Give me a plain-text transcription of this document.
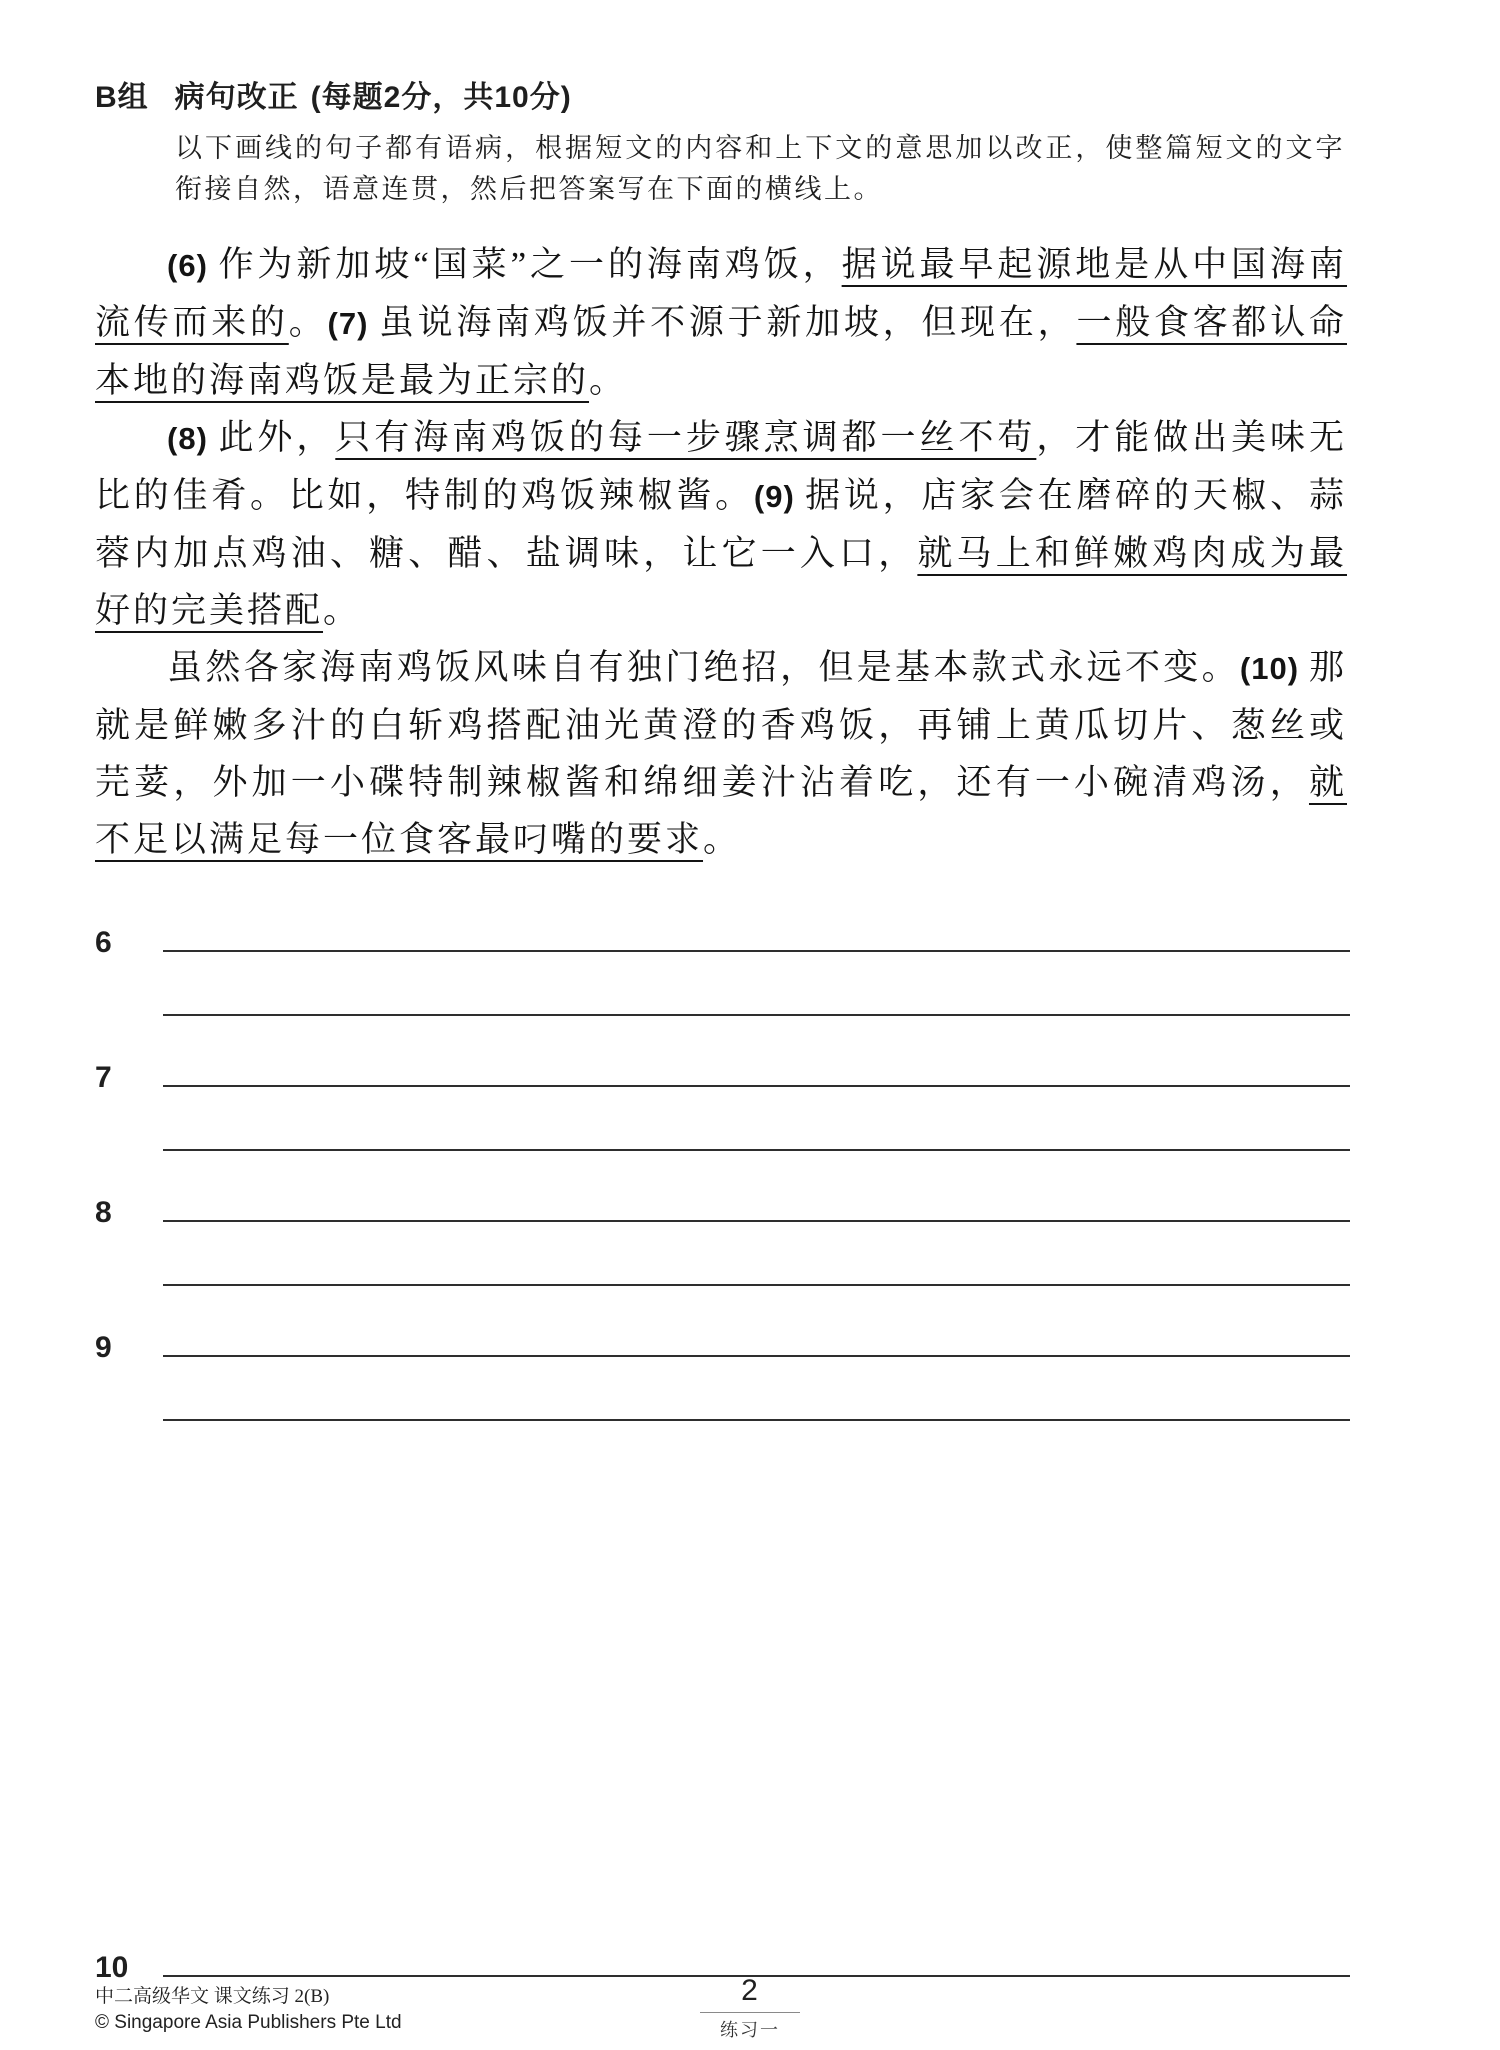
B组 病句改正 (每题2分，共10分)

以下画线的句子都有语病，根据短文的内容和上下文的意思加以改正，使整篇短文的文字衔接自然，语意连贯，然后把答案写在下面的横线上。

(6) 作为新加坡“国菜”之一的海南鸡饭，据说最早起源地是从中国海南流传而来的。(7) 虽说海南鸡饭并不源于新加坡，但现在，一般食客都认命本地的海南鸡饭是最为正宗的。

(8) 此外，只有海南鸡饭的每一步骤烹调都一丝不苟，才能做出美味无比的佳肴。比如，特制的鸡饭辣椒酱。(9) 据说，店家会在磨碎的天椒、蒜蓉内加点鸡油、糖、醋、盐调味，让它一入口，就马上和鲜嫩鸡肉成为最好的完美搭配。

虽然各家海南鸡饭风味自有独门绝招，但是基本款式永远不变。(10) 那就是鲜嫩多汁的白斩鸡搭配油光黄澄的香鸡饭，再铺上黄瓜切片、葱丝或芫荽，外加一小碟特制辣椒酱和绵细姜汁沾着吃，还有一小碗清鸡汤，就不足以满足每一位食客最叼嘴的要求。

6
7
8
9
10
中二高级华文 课文练习 2(B)
© Singapore Asia Publishers Pte Ltd
2
练习一
